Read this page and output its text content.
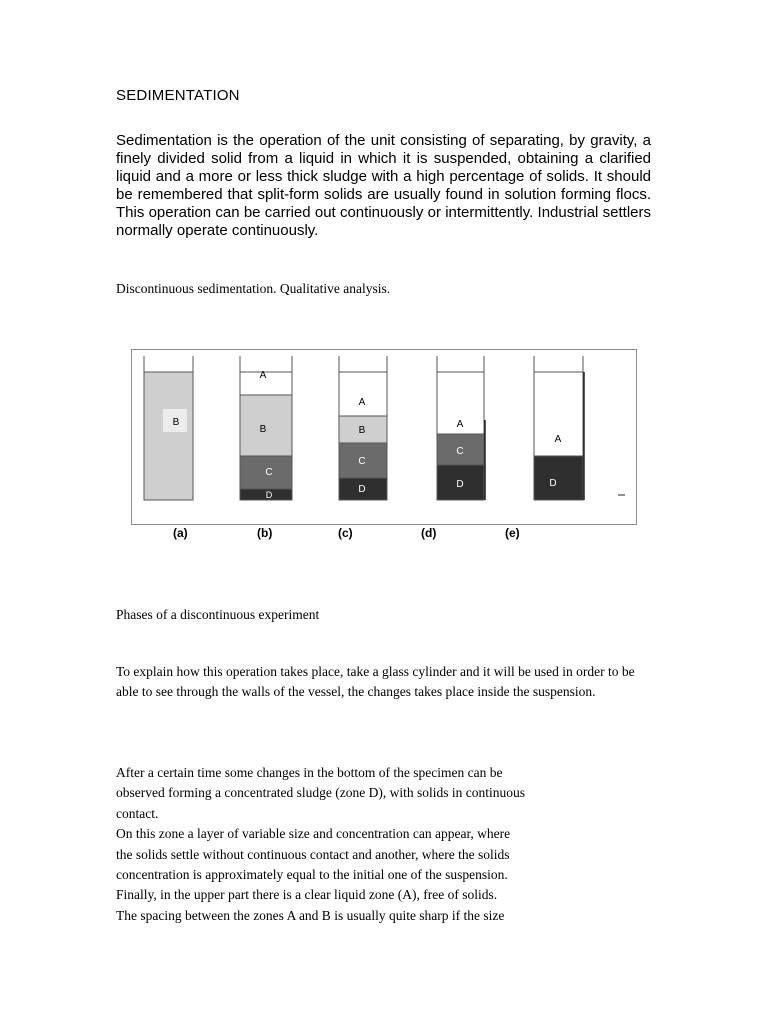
SEDIMENTATION

Sedimentation is the operation of the unit consisting of separating, by gravity, a finely divided solid from a liquid in which it is suspended, obtaining a clarified liquid and a more or less thick sludge with a high percentage of solids. It should be remembered that split-form solids are usually found in solution forming flocs. This operation can be carried out continuously or intermittently. Industrial settlers normally operate continuously.

Discontinuous sedimentation. Qualitative analysis.
B
A
B
C
D
A
B
C
D
A
C
D
A
D
(a)	(b)	(c)	(d)	(e)
Phases of a discontinuous experiment

To explain how this operation takes place, take a glass cylinder and it will be used in order to be able to see through the walls of the vessel, the changes takes place inside the suspension.

After a certain time some changes in the bottom of the specimen can be
observed forming a concentrated sludge (zone D), with solids in continuous
contact.
On this zone a layer of variable size and concentration can appear, where
the solids settle without continuous contact and another, where the solids
concentration is approximately equal to the initial one of the suspension.
Finally, in the upper part there is a clear liquid zone (A), free of solids.
The spacing between the zones A and B is usually quite sharp if the size
